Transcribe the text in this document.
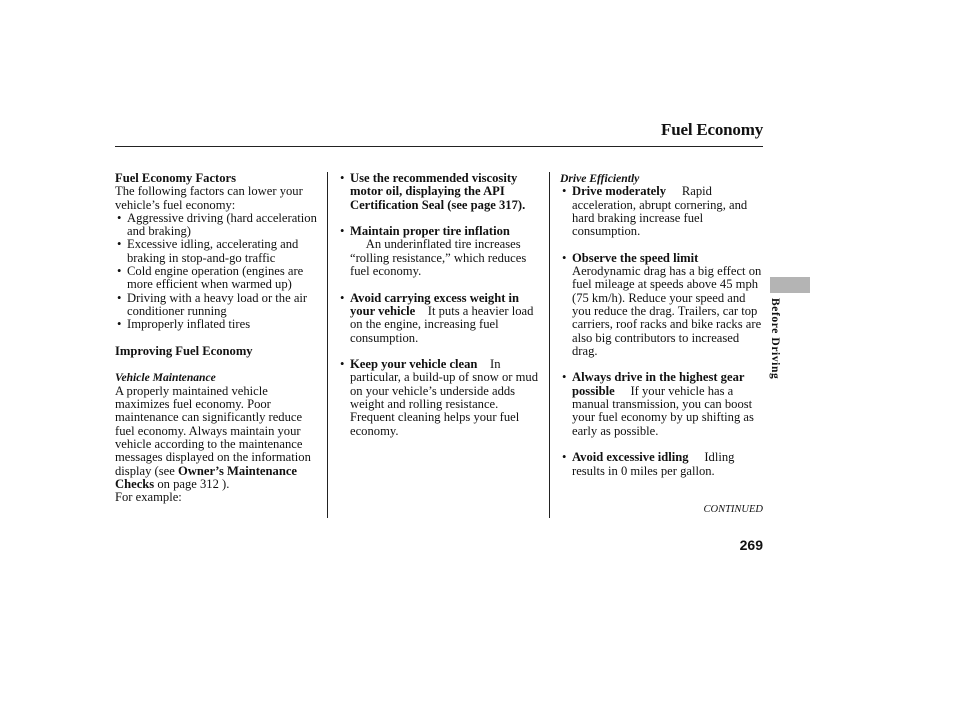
Fuel Economy

Fuel Economy Factors

The following factors can lower your vehicle’s fuel economy:

• Aggressive driving (hard acceleration and braking)
• Excessive idling, accelerating and braking in stop-and-go traffic
• Cold engine operation (engines are more efficient when warmed up)
• Driving with a heavy load or the air conditioner running
• Improperly inflated tires

Improving Fuel Economy

Vehicle Maintenance

A properly maintained vehicle maximizes fuel economy. Poor maintenance can significantly reduce fuel economy. Always maintain your vehicle according to the maintenance messages displayed on the information display (see Owner’s Maintenance Checks on page 312 ).

For example:

• Use the recommended viscosity motor oil, displaying the API Certification Seal (see page 317).
• Maintain proper tire inflation
An underinflated tire increases “rolling resistance,” which reduces fuel economy.
• Avoid carrying excess weight in your vehicle It puts a heavier load on the engine, increasing fuel consumption.
• Keep your vehicle clean In particular, a build-up of snow or mud on your vehicle’s underside adds weight and rolling resistance. Frequent cleaning helps your fuel economy.

Drive Efficiently

• Drive moderately Rapid acceleration, abrupt cornering, and hard braking increase fuel consumption.
• Observe the speed limit
Aerodynamic drag has a big effect on fuel mileage at speeds above 45 mph (75 km/h). Reduce your speed and you reduce the drag. Trailers, car top carriers, roof racks and bike racks are also big contributors to increased drag.
• Always drive in the highest gear possible If your vehicle has a manual transmission, you can boost your fuel economy by up shifting as early as possible.
• Avoid excessive idling Idling results in 0 miles per gallon.
Before Driving
CONTINUED
269
